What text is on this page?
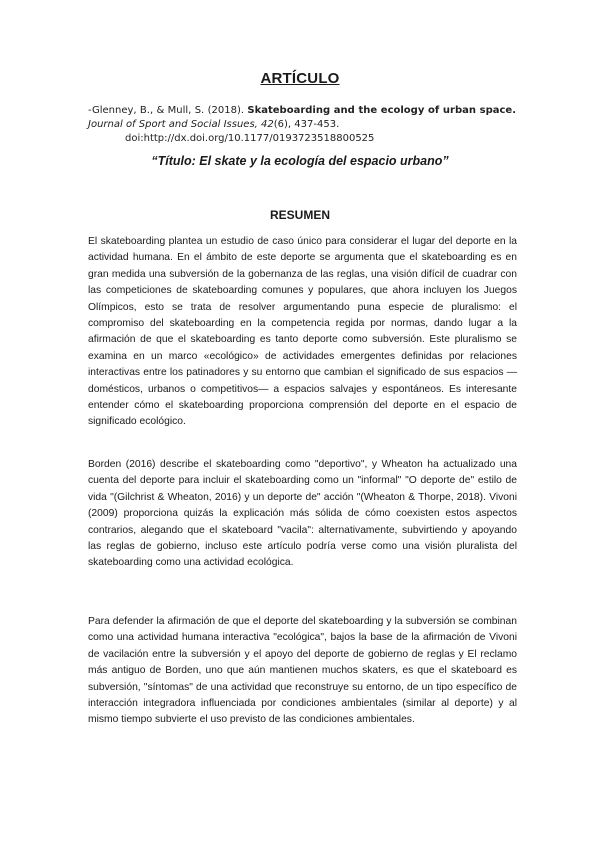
ARTÍCULO
-Glenney, B., & Mull, S. (2018). Skateboarding and the ecology of urban space. Journal of Sport and Social Issues, 42(6), 437-453.
doi:http://dx.doi.org/10.1177/0193723518800525
“Título: El skate y la ecología del espacio urbano”
RESUMEN

El skateboarding plantea un estudio de caso único para considerar el lugar del deporte en la actividad humana. En el ámbito de este deporte se argumenta que el skateboarding es en gran medida una subversión de la gobernanza de las reglas, una visión difícil de cuadrar con las competiciones de skateboarding comunes y populares, que ahora incluyen los Juegos Olímpicos, esto se trata de resolver argumentando puna especie de pluralismo: el compromiso del skateboarding en la competencia regida por normas, dando lugar a la afirmación de que el skateboarding es tanto deporte como subversión. Este pluralismo se examina en un marco «ecológico» de actividades emergentes definidas por relaciones interactivas entre los patinadores y su entorno que cambian el significado de sus espacios —domésticos, urbanos o competitivos— a espacios salvajes y espontáneos. Es interesante entender cómo el skateboarding proporciona comprensión del deporte en el espacio de significado ecológico.

Borden (2016) describe el skateboarding como "deportivo", y Wheaton ha actualizado una cuenta del deporte para incluir el skateboarding como un "informal" "O deporte de" estilo de vida "(Gilchrist & Wheaton, 2016) y un deporte de" acción "(Wheaton & Thorpe, 2018). Vivoni (2009) proporciona quizás la explicación más sólida de cómo coexisten estos aspectos contrarios, alegando que el skateboard "vacila": alternativamente, subvirtiendo y apoyando las reglas de gobierno, incluso este artículo podría verse como una visión pluralista del skateboarding como una actividad ecológica.

Para defender la afirmación de que el deporte del skateboarding y la subversión se combinan como una actividad humana interactiva "ecológica", bajos la base de la afirmación de Vivoni de vacilación entre la subversión y el apoyo del deporte de gobierno de reglas y El reclamo más antiguo de Borden, uno que aún mantienen muchos skaters, es que el skateboard es subversión, "síntomas" de una actividad que reconstruye su entorno, de un tipo específico de interacción integradora influenciada por condiciones ambientales (similar al deporte) y al mismo tiempo subvierte el uso previsto de las condiciones ambientales.
